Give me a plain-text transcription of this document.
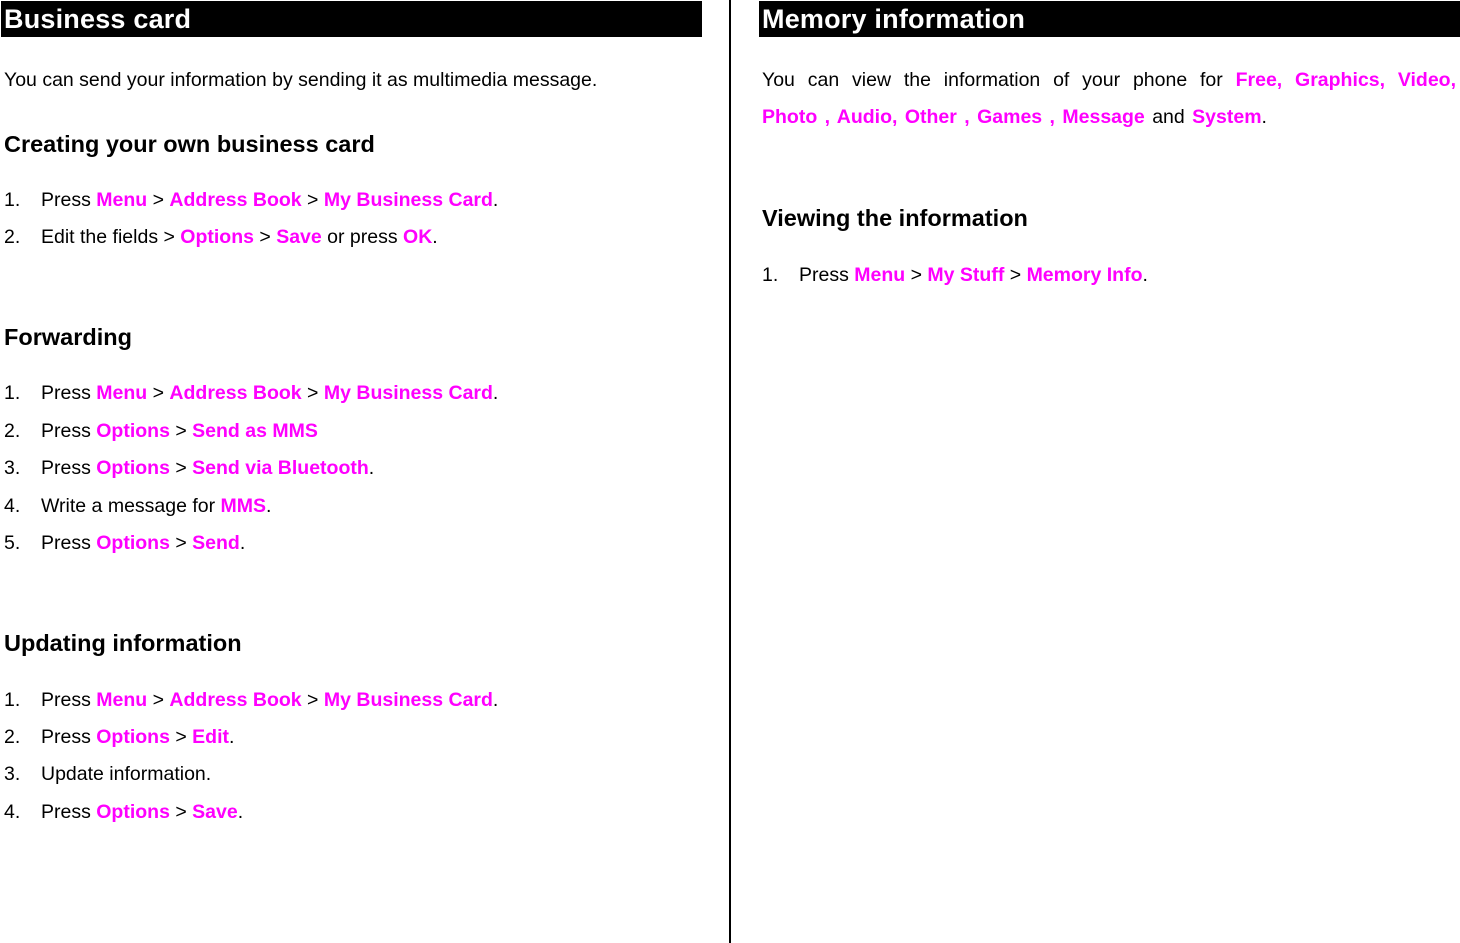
Business card
You can send your information by sending it as multimedia message.
Creating your own business card
1. Press Menu > Address Book > My Business Card.
2. Edit the fields > Options > Save or press OK.
Forwarding
1. Press Menu > Address Book > My Business Card.
2. Press Options > Send as MMS
3. Press Options > Send via Bluetooth.
4. Write a message for MMS.
5. Press Options > Send.
Updating information
1. Press Menu > Address Book > My Business Card.
2. Press Options > Edit.
3. Update information.
4. Press Options > Save.
Memory information
You can view the information of your phone for Free, Graphics, Video, Photo , Audio, Other , Games , Message and System.
Viewing the information
1. Press Menu > My Stuff > Memory Info.
